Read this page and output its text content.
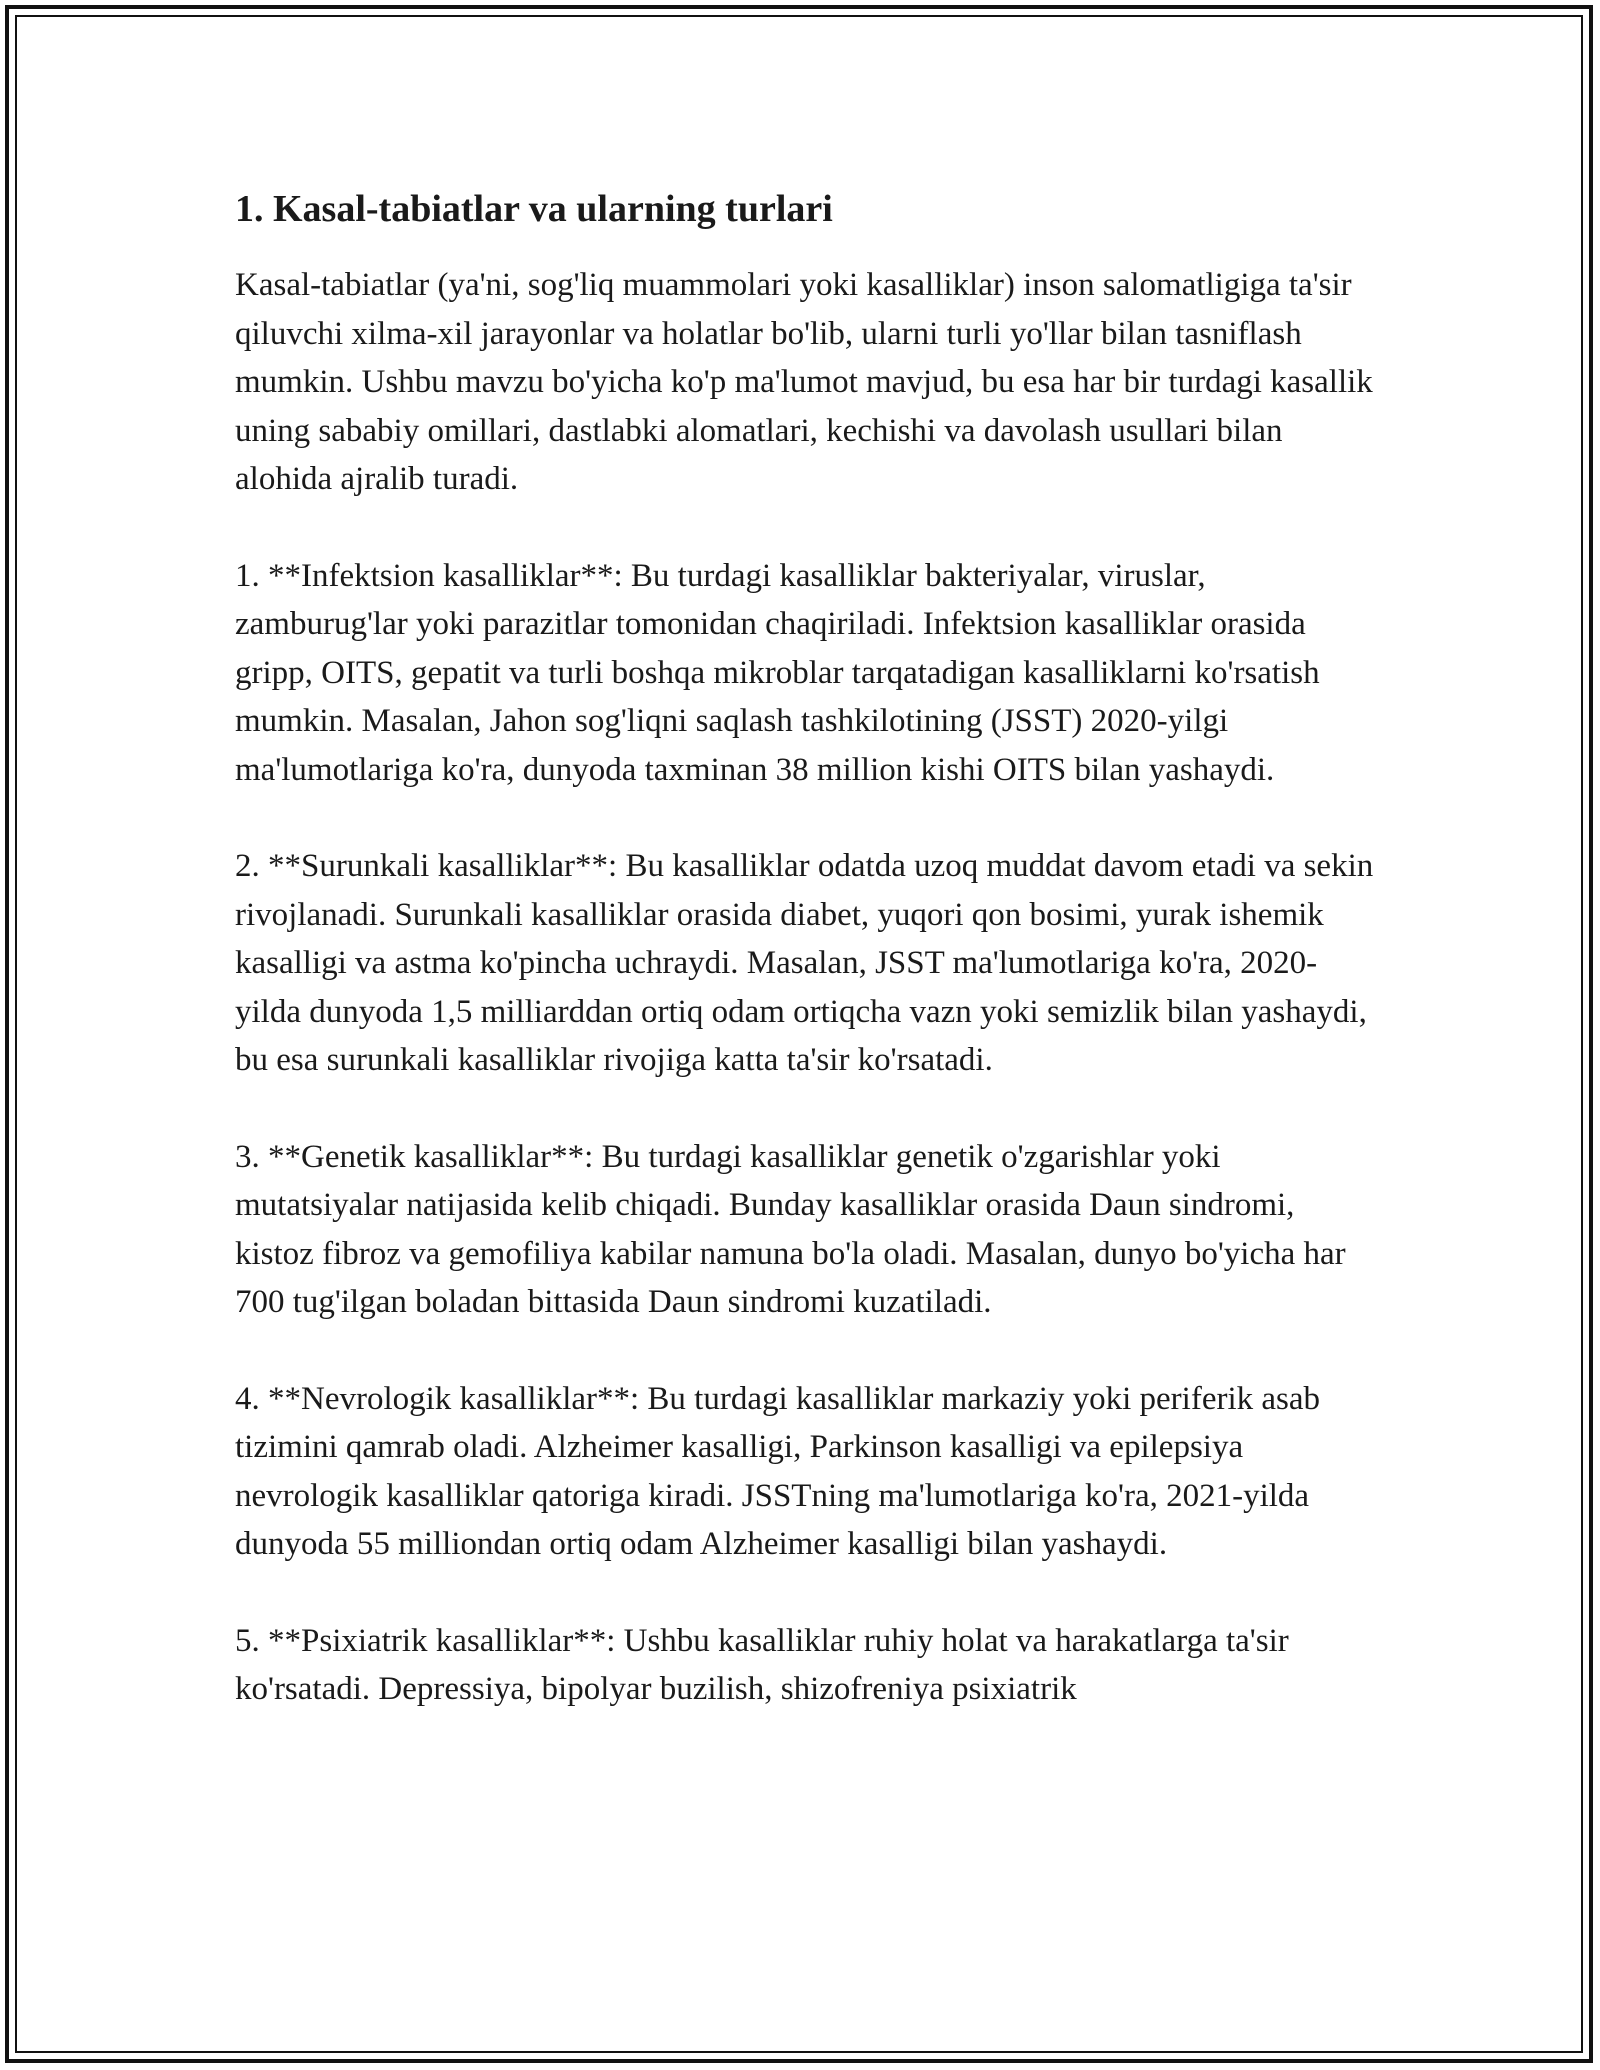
1. Kasal-tabiatlar va ularning turlari

Kasal-tabiatlar (ya'ni, sog'liq muammolari yoki kasalliklar) inson salomatligiga ta'sir qiluvchi xilma-xil jarayonlar va holatlar bo'lib, ularni turli yo'llar bilan tasniflash mumkin. Ushbu mavzu bo'yicha ko'p ma'lumot mavjud, bu esa har bir turdagi kasallik uning sababiy omillari, dastlabki alomatlari, kechishi va davolash usullari bilan alohida ajralib turadi.

1. **Infektsion kasalliklar**: Bu turdagi kasalliklar bakteriyalar, viruslar, zamburug'lar yoki parazitlar tomonidan chaqiriladi. Infektsion kasalliklar orasida gripp, OITS, gepatit va turli boshqa mikroblar tarqatadigan kasalliklarni ko'rsatish mumkin. Masalan, Jahon sog'liqni saqlash tashkilotining (JSST) 2020-yilgi ma'lumotlariga ko'ra, dunyoda taxminan 38 million kishi OITS bilan yashaydi.

2. **Surunkali kasalliklar**: Bu kasalliklar odatda uzoq muddat davom etadi va sekin rivojlanadi. Surunkali kasalliklar orasida diabet, yuqori qon bosimi, yurak ishemik kasalligi va astma ko'pincha uchraydi. Masalan, JSST ma'lumotlariga ko'ra, 2020-yilda dunyoda 1,5 milliarddan ortiq odam ortiqcha vazn yoki semizlik bilan yashaydi, bu esa surunkali kasalliklar rivojiga katta ta'sir ko'rsatadi.

3. **Genetik kasalliklar**: Bu turdagi kasalliklar genetik o'zgarishlar yoki mutatsiyalar natijasida kelib chiqadi. Bunday kasalliklar orasida Daun sindromi, kistoz fibroz va gemofiliya kabilar namuna bo'la oladi. Masalan, dunyo bo'yicha har 700 tug'ilgan boladan bittasida Daun sindromi kuzatiladi.

4. **Nevrologik kasalliklar**: Bu turdagi kasalliklar markaziy yoki periferik asab tizimini qamrab oladi. Alzheimer kasalligi, Parkinson kasalligi va epilepsiya nevrologik kasalliklar qatoriga kiradi. JSSTning ma'lumotlariga ko'ra, 2021-yilda dunyoda 55 milliondan ortiq odam Alzheimer kasalligi bilan yashaydi.

5. **Psixiatrik kasalliklar**: Ushbu kasalliklar ruhiy holat va harakatlarga ta'sir ko'rsatadi. Depressiya, bipolyar buzilish, shizofreniya psixiatrik
